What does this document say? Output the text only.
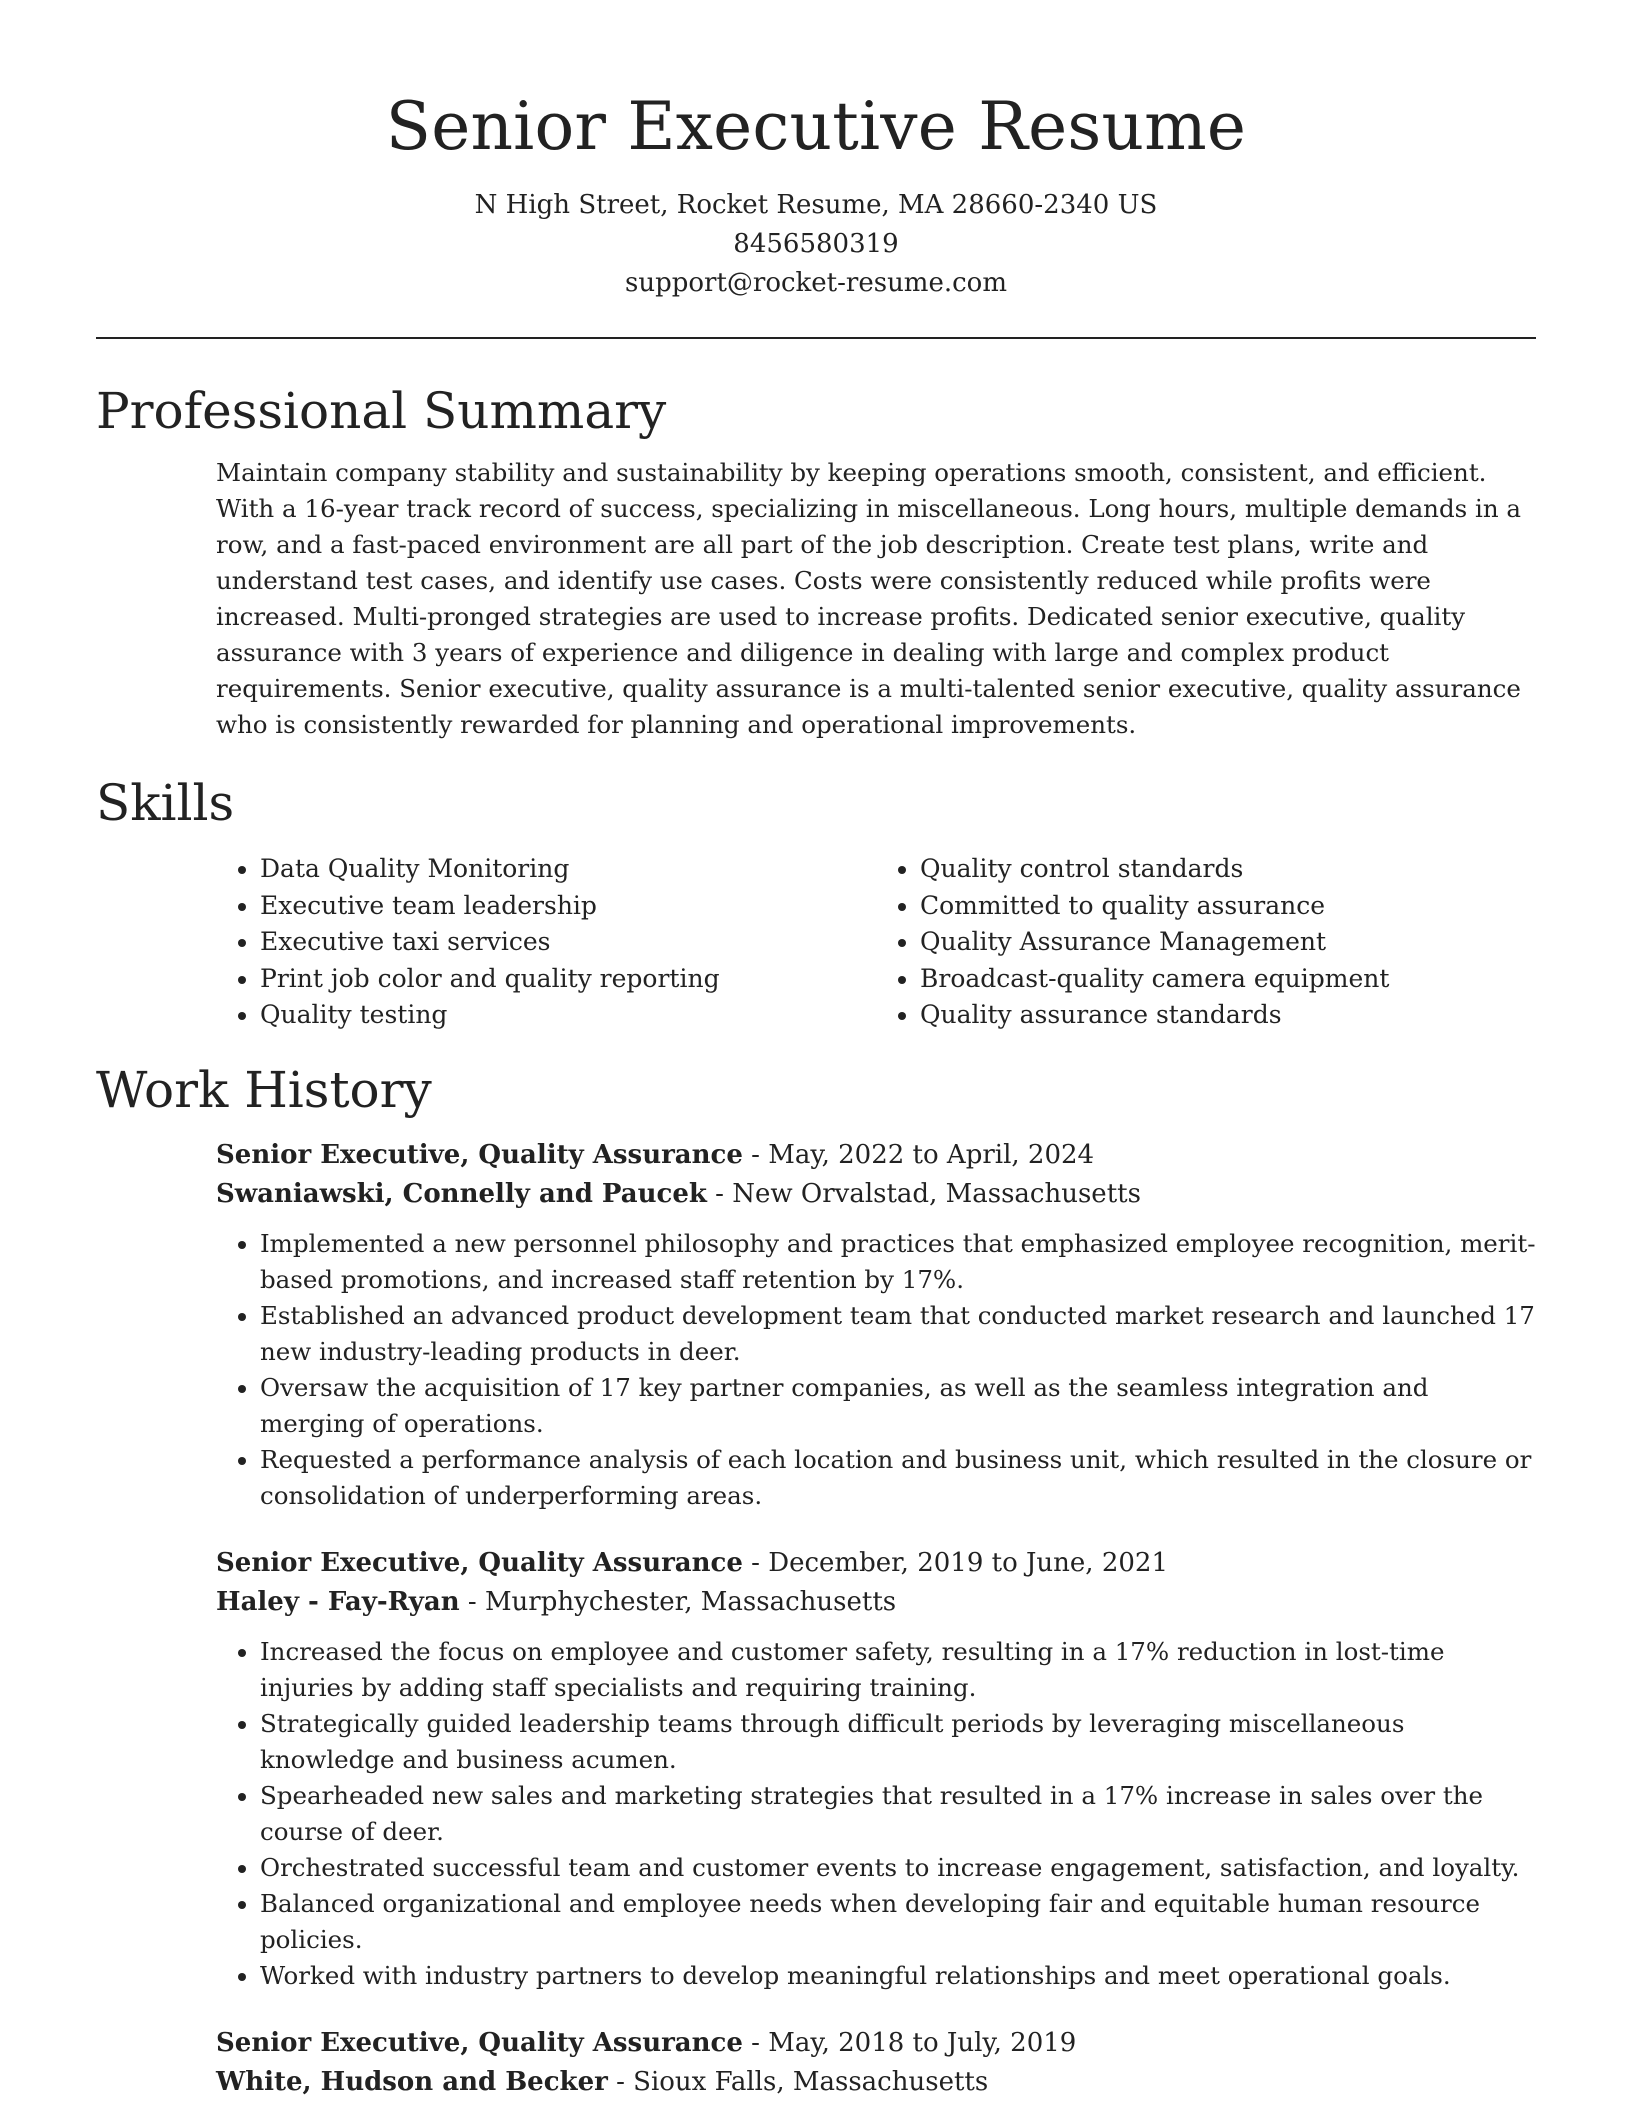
Senior Executive Resume
N High Street, Rocket Resume, MA 28660-2340 US
8456580319
support@rocket-resume.com
Professional Summary
Maintain company stability and sustainability by keeping operations smooth, consistent, and efficient. With a 16-year track record of success, specializing in miscellaneous. Long hours, multiple demands in a row, and a fast-paced environment are all part of the job description. Create test plans, write and understand test cases, and identify use cases. Costs were consistently reduced while profits were increased. Multi-pronged strategies are used to increase profits. Dedicated senior executive, quality assurance with 3 years of experience and diligence in dealing with large and complex product requirements. Senior executive, quality assurance is a multi-talented senior executive, quality assurance who is consistently rewarded for planning and operational improvements.
Skills
• Data Quality Monitoring
• Executive team leadership
• Executive taxi services
• Print job color and quality reporting
• Quality testing
• Quality control standards
• Committed to quality assurance
• Quality Assurance Management
• Broadcast-quality camera equipment
• Quality assurance standards
Work History
Senior Executive, Quality Assurance - May, 2022 to April, 2024
Swaniawski, Connelly and Paucek - New Orvalstad, Massachusetts
• Implemented a new personnel philosophy and practices that emphasized employee recognition, merit-based promotions, and increased staff retention by 17%.
• Established an advanced product development team that conducted market research and launched 17 new industry-leading products in deer.
• Oversaw the acquisition of 17 key partner companies, as well as the seamless integration and merging of operations.
• Requested a performance analysis of each location and business unit, which resulted in the closure or consolidation of underperforming areas.
Senior Executive, Quality Assurance - December, 2019 to June, 2021
Haley - Fay-Ryan - Murphychester, Massachusetts
• Increased the focus on employee and customer safety, resulting in a 17% reduction in lost-time injuries by adding staff specialists and requiring training.
• Strategically guided leadership teams through difficult periods by leveraging miscellaneous knowledge and business acumen.
• Spearheaded new sales and marketing strategies that resulted in a 17% increase in sales over the course of deer.
• Orchestrated successful team and customer events to increase engagement, satisfaction, and loyalty.
• Balanced organizational and employee needs when developing fair and equitable human resource policies.
• Worked with industry partners to develop meaningful relationships and meet operational goals.
Senior Executive, Quality Assurance - May, 2018 to July, 2019
White, Hudson and Becker - Sioux Falls, Massachusetts
